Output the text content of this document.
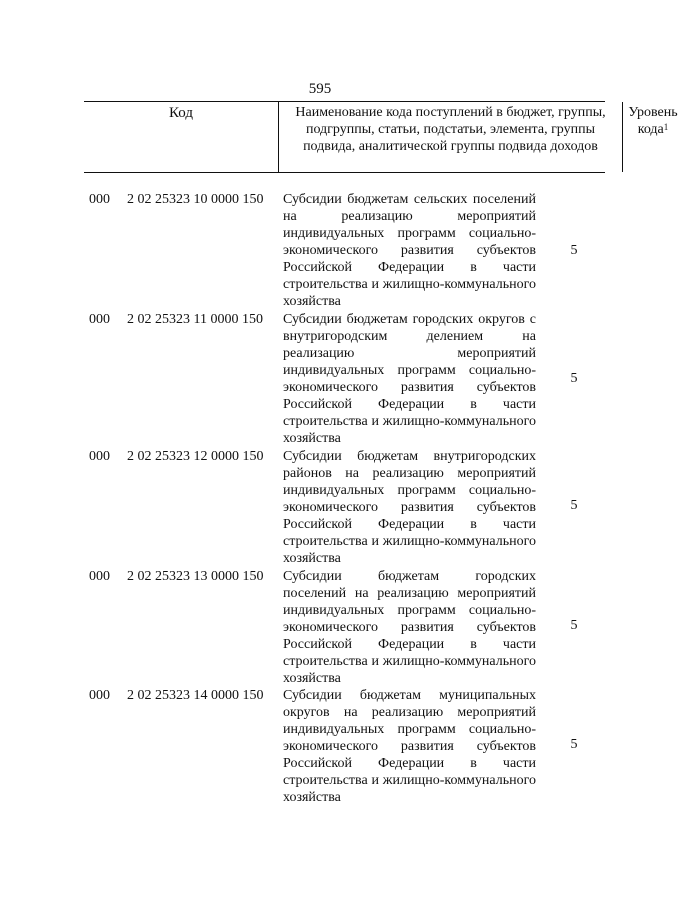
595
Код	Наименование кода поступлений в бюджет, группы, подгруппы, статьи, подстатьи, элемента, группы подвида, аналитической группы подвида доходов
Уровень кода$^1$
000 2 02 25323 10 0000 150 Субсидии бюджетам сельских поселений на реализацию мероприятий индивидуальных программ социально-экономического развития субъектов Российской Федерации в части строительства и жилищно-коммунального хозяйства
5
000 2 02 25323 11 0000 150 Субсидии бюджетам городских округов с внутригородским делением на реализацию мероприятий индивидуальных программ социально-экономического развития субъектов Российской Федерации в части строительства и жилищно-коммунального хозяйства
5
000 2 02 25323 12 0000 150 Субсидии бюджетам внутригородских районов на реализацию мероприятий индивидуальных программ социально-экономического развития субъектов Российской Федерации в части строительства и жилищно-коммунального хозяйства
5
000 2 02 25323 13 0000 150 Субсидии бюджетам городских поселений на реализацию мероприятий индивидуальных программ социально-экономического развития субъектов Российской Федерации в части строительства и жилищно-коммунального хозяйства
5
000 2 02 25323 14 0000 150 Субсидии бюджетам муниципальных округов на реализацию мероприятий индивидуальных программ социально-экономического развития субъектов Российской Федерации в части строительства и жилищно-коммунального хозяйства
5
